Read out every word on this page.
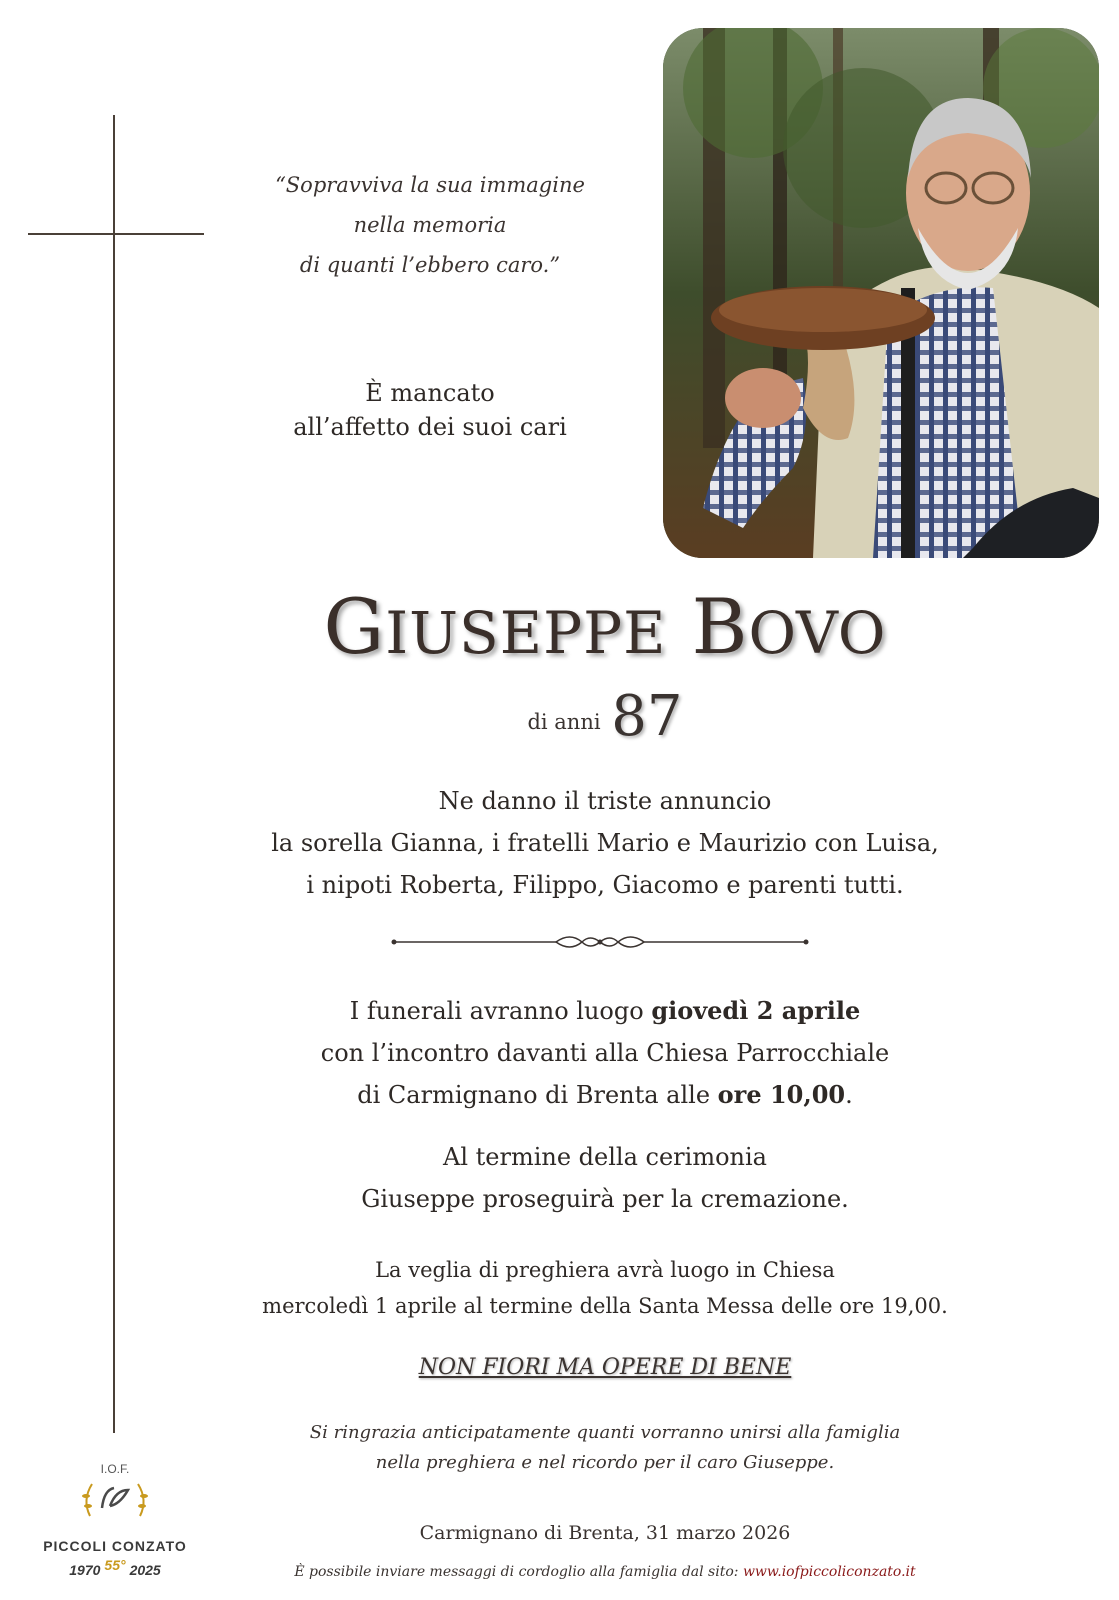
“Sopravviva la sua immagine
nella memoria
di quanti l’ebbero caro.”
È mancato
all’affetto dei suoi cari
GIUSEPPE BOVO
di anni 87
Ne danno il triste annuncio
la sorella Gianna, i fratelli Mario e Maurizio con Luisa,
i nipoti Roberta, Filippo, Giacomo e parenti tutti.
I funerali avranno luogo giovedì 2 aprile
con l’incontro davanti alla Chiesa Parrocchiale
di Carmignano di Brenta alle ore 10,00.
Al termine della cerimonia
Giuseppe proseguirà per la cremazione.
La veglia di preghiera avrà luogo in Chiesa
mercoledì 1 aprile al termine della Santa Messa delle ore 19,00.
NON FIORI MA OPERE DI BENE
Si ringrazia anticipatamente quanti vorranno unirsi alla famiglia
nella preghiera e nel ricordo per il caro Giuseppe.
Carmignano di Brenta, 31 marzo 2026
È possibile inviare messaggi di cordoglio alla famiglia dal sito: www.iofpiccoliconzato.it
I.O.F.
PICCOLI CONZATO
1970 55° 2025
